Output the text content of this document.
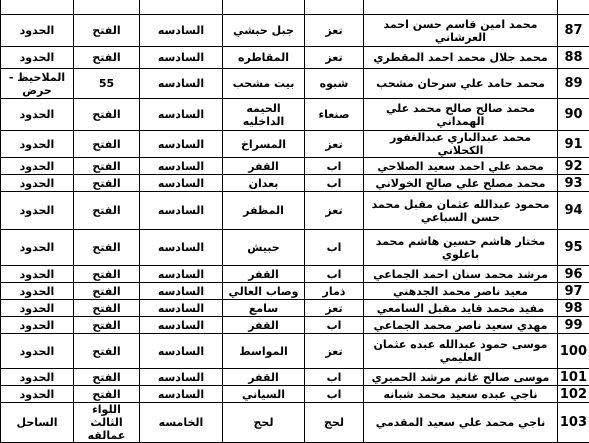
87	محمد امين قاسم حسن احمد العرشاني	تعز	جبل حبشي	السادسه	الفتح	الحدود
88	محمد جلال محمد احمد المقطري	تعز	المقاطره	السادسه	الفتح	الحدود
89	محمد حامد علي سرحان مشحب	شبوه	بيت مشحب	السادسه	55	الملاحيظ - حرض
90	محمد صالح صالح محمد علي الهمداني	صنعاء	الحيمه الداخليه	السادسه	الفتح	الحدود
91	محمد عبدالباري عبدالغفور الكحلاني	تعز	المسراخ	السادسه	الفتح	الحدود
92	محمد علي احمد سعيد الصلاحي	اب	القفر	السادسه	الفتح	الحدود
93	محمد مصلح علي صالح الخولاني	اب	بعدان	السادسه	الفتح	الحدود
94	محمود عبدالله عثمان مقبل محمد حسن السباعي	تعز	المظفر	السادسه	الفتح	الحدود
95	مختار هاشم حسين هاشم محمد باعلوي	اب	حبيش	السادسه	الفتح	الحدود
96	مرشد محمد سنان احمد الجماعي	اب	القفر	السادسه	الفتح	الحدود
97	معيد ناصر محمد الجدهني	ذمار	وصاب العالي	السادسه	الفتح	الحدود
98	مفيد محمد قايد مقبل السامعي	تعز	سامع	السادسه	الفتح	الحدود
99	مهدي سعيد ناصر محمد الجماعي	اب	القفر	السادسه	الفتح	الحدود
100	موسى حمود عبدالله عبده عثمان العليمي	تعز	المواسط	السادسه	الفتح	الحدود
101	موسى صالح غانم مرشد الحميري	اب	القفر	السادسه	الفتح	الحدود
102	ناجي عبده سعيد محمد شبانه	اب	السياني	السادسه	الفتح	الحدود
103	ناجي محمد علي سعيد المقدمي	لحج	لحج	الخامسه	اللواء الثالث عمالقه	الساحل
